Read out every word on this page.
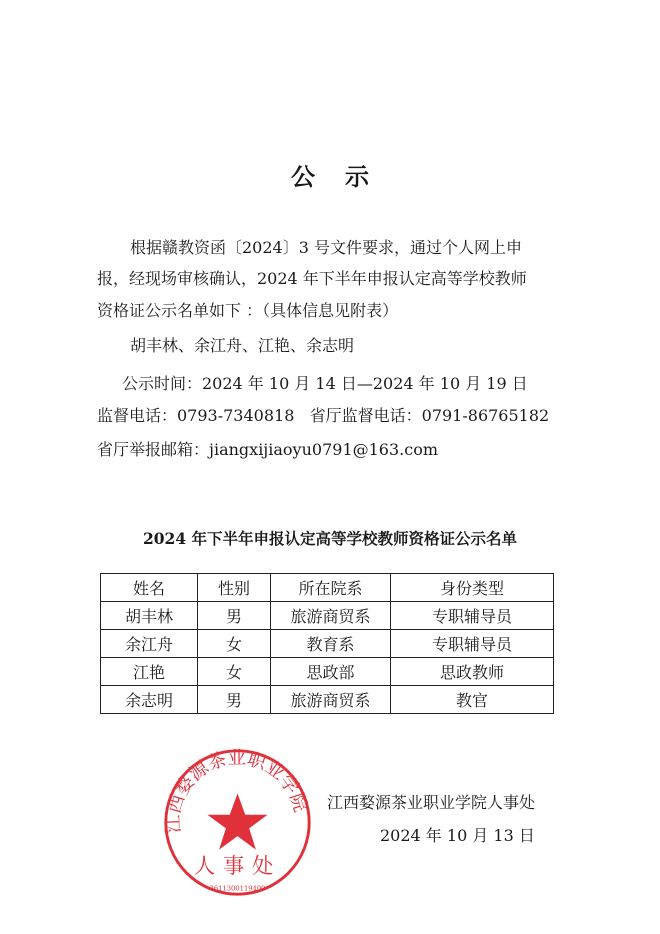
公示
根据赣教资函〔2024〕3 号文件要求，通过个人网上申
报，经现场审核确认，2024 年下半年申报认定高等学校教师
资格证公示名单如下 ：（具体信息见附表）
胡丰林、余江舟、江艳、余志明
公示时间：2024 年 10 月 14 日—2024 年 10 月 19 日
监督电话：0793-7340818   省厅监督电话：0791-86765182
省厅举报邮箱：jiangxijiaoyu0791@163.com
2024 年下半年申报认定高等学校教师资格证公示名单
姓名	性别	所在院系	身份类型
胡丰林	男	旅游商贸系	专职辅导员
余江舟	女	教育系	专职辅导员
江艳	女	思政部	思政教师
余志明	男	旅游商贸系	教官
江西婺源茶业职业学院人事处
2024 年 10 月 13 日
江西婺源茶业职业学院
人事处
3611300119409
